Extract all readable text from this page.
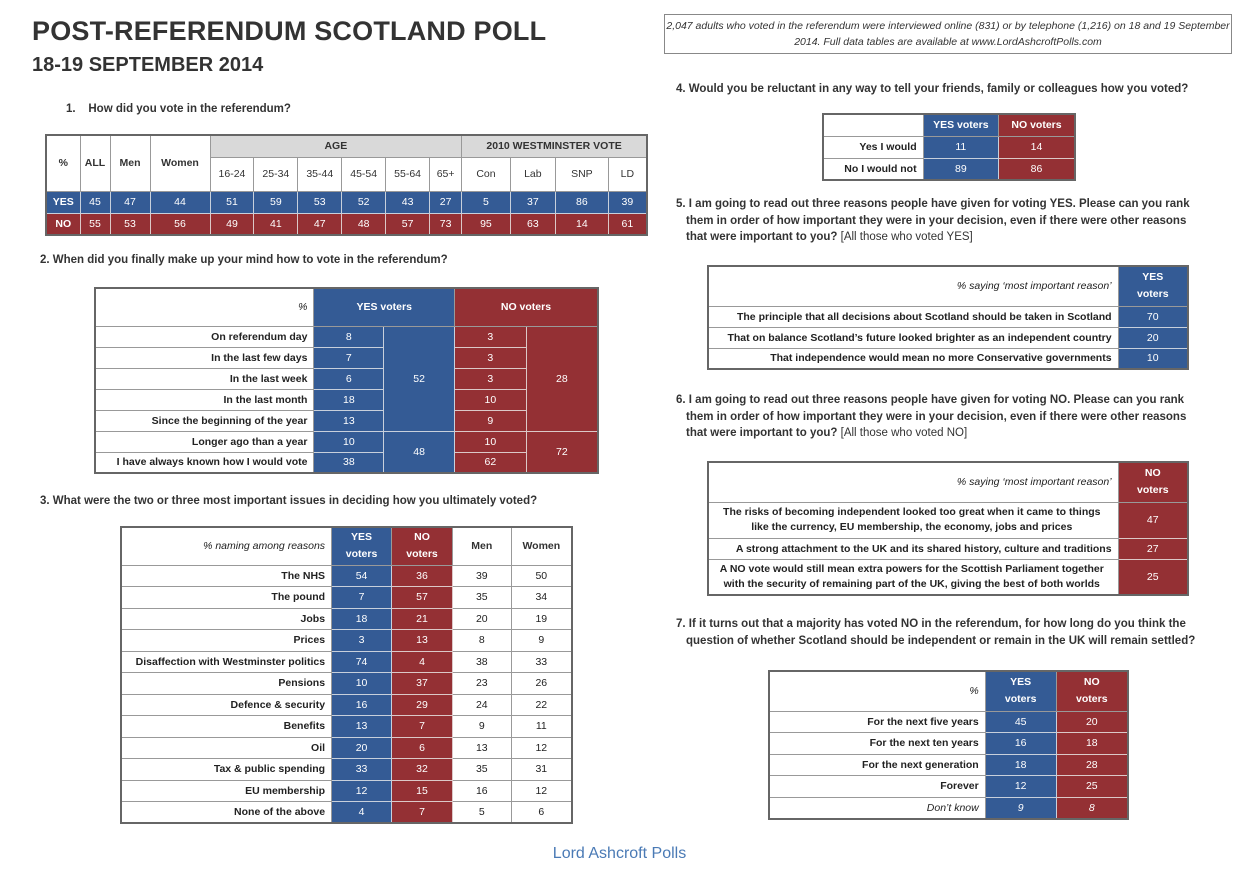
POST-REFERENDUM SCOTLAND POLL
18-19 SEPTEMBER 2014
2,047 adults who voted in the referendum were interviewed online (831) or by telephone (1,216) on 18 and 19 September 2014. Full data tables are available at www.LordAshcroftPolls.com
1. How did you vote in the referendum?
%	ALL	Men	Women	AGE						2010 WESTMINSTER VOTE			
				16-24	25-34	35-44	45-54	55-64	65+	Con	Lab	SNP	LD
YES	45	47	44	51	59	53	52	43	27	5	37	86	39
NO	55	53	56	49	41	47	48	57	73	95	63	14	61
2. When did you finally make up your mind how to vote in the referendum?
%	YES voters		NO voters	
On referendum day	8	52	3	28
In the last few days	7		3	
In the last week	6		3	
In the last month	18		10	
Since the beginning of the year	13		9	
Longer ago than a year	10	48	10	72
I have always known how I would vote	38		62	
3. What were the two or three most important issues in deciding how you ultimately voted?
% naming among reasons	YES voters	NO voters	Men	Women
The NHS	54	36	39	50
The pound	7	57	35	34
Jobs	18	21	20	19
Prices	3	13	8	9
Disaffection with Westminster politics	74	4	38	33
Pensions	10	37	23	26
Defence & security	16	29	24	22
Benefits	13	7	9	11
Oil	20	6	13	12
Tax & public spending	33	32	35	31
EU membership	12	15	16	12
None of the above	4	7	5	6
4. Would you be reluctant in any way to tell your friends, family or colleagues how you voted?
	YES voters	NO voters
Yes I would	11	14
No I would not	89	86
5. I am going to read out three reasons people have given for voting YES. Please can you rank
them in order of how important they were in your decision, even if there were other reasons
that were important to you? [All those who voted YES]
% saying ‘most important reason’	YES voters
The principle that all decisions about Scotland should be taken in Scotland	70
That on balance Scotland’s future looked brighter as an independent country	20
That independence would mean no more Conservative governments	10
6. I am going to read out three reasons people have given for voting NO. Please can you rank
them in order of how important they were in your decision, even if there were other reasons
that were important to you? [All those who voted NO]
% saying ‘most important reason’	NO voters

The risks of becoming independent looked too great when it came to things
like the currency, EU membership, the economy, jobs and prices	47
A strong attachment to the UK and its shared history, culture and traditions	27

A NO vote would still mean extra powers for the Scottish Parliament together
with the security of remaining part of the UK, giving the best of both worlds	25
7. If it turns out that a majority has voted NO in the referendum, for how long do you think the
question of whether Scotland should be independent or remain in the UK will remain settled?
%	YES voters	NO voters
For the next five years	45	20
For the next ten years	16	18
For the next generation	18	28
Forever	12	25
Don’t know	9	8
Lord Ashcroft Polls
